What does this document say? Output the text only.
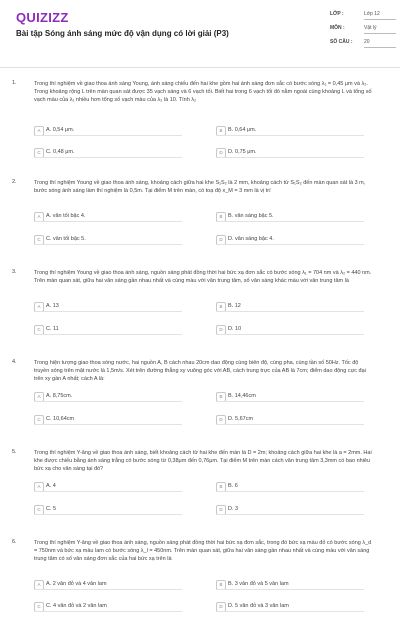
QUIZIZZ
Bài tập Sóng ánh sáng mức độ vận dụng có lời giải (P3)
LỚP :	Lớp 12
MÔN :	Vật lý
SỐ CÂU : 20
1.	Trong thí nghiệm về giao thoa ánh sáng Young, ánh sáng chiếu đến hai khe gồm hai ánh sáng đơn sắc có bước sóng λ₁ = 0,45 μm và λ₂. Trong khoảng rộng L trên màn quan sát được 35 vạch sáng và 6 vạch tối. Biết hai trong 6 vạch tối đó nằm ngoài cùng khoảng L và tổng số vạch màu của λ₁ nhiều hơn tổng số vạch màu của λ₂ là 10. Tính λ₂
A	A. 0,54 μm.	B	B. 0,64 μm.
C C. 0,48 μm.	D D. 0,75 μm.
2.	Trong thí nghiệm Young về giao thoa ánh sáng, khoảng cách giữa hai khe S₁S₂ là 2 mm, khoảng cách từ S₁S₂ đến màn quan sát là 3 m, bước sóng ánh sáng làm thí nghiệm là 0,5m. Tại điểm M trên màn, có toạ độ x_M = 3 mm là vị trí
A	A. vân tối bậc 4.	B	B. vân sáng bậc 5.
C C. vân tối bậc 5.	D D. vân sáng bậc 4.
3.	Trong thí nghiệm Young về giao thoa ánh sáng, nguồn sáng phát đồng thời hai bức xạ đơn sắc có bước sóng λ₁ = 704 nm và λ₂ = 440 nm. Trên màn quan sát, giữa hai vân sáng gần nhau nhất và cùng màu với vân trung tâm, số vân sáng khác màu với vân trung tâm là
A	A. 13	B	B. 12
C C. 11	D D. 10
4.	Trong hiện tượng giao thoa sóng nước, hai nguồn A, B cách nhau 20cm dao động cùng biên độ, cùng pha, cùng tần số 50Hz. Tốc độ truyền sóng trên mặt nước là 1,5m/s. Xét trên đường thẳng xy vuông góc với AB, cách trung trực của AB là 7cm; điểm dao động cực đại trên xy gần A nhất; cách A là:
A	A. 8,75cm.	B	B. 14,46cm
C C. 10,64cm	D D. 5,67cm
5.	Trong thí nghiệm Y-âng về giao thoa ánh sáng, biết khoảng cách từ hai khe đến màn là D = 2m; khoảng cách giữa hai khe là a = 2mm. Hai khe được chiếu bằng ánh sáng trắng có bước sóng từ 0,38μm đến 0,76μm. Tại điểm M trên màn cách vân trung tâm 3,3mm có bao nhiêu bức xạ cho vân sáng tại đó?
A	A. 4	B	B. 6
C C. 5	D D. 3
6.	Trong thí nghiệm Y-âng về giao thoa ánh sáng, nguồn sáng phát đồng thời hai bức xạ đơn sắc, trong đó bức xạ màu đỏ có bước sóng λ_d = 750nm và bức xạ màu lam có bước sóng λ_l = 450nm. Trên màn quan sát, giữa hai vân sáng gần nhau nhất và cùng màu với vân sáng trung tâm có số vân sáng đơn sắc của hai bức xạ trên là
A	A. 2 vân đỏ và 4 vân lam	B	B. 3 vân đỏ và 5 vân lam
C C. 4 vân đỏ và 2 vân lam	D D. 5 vân đỏ và 3 vân lam
